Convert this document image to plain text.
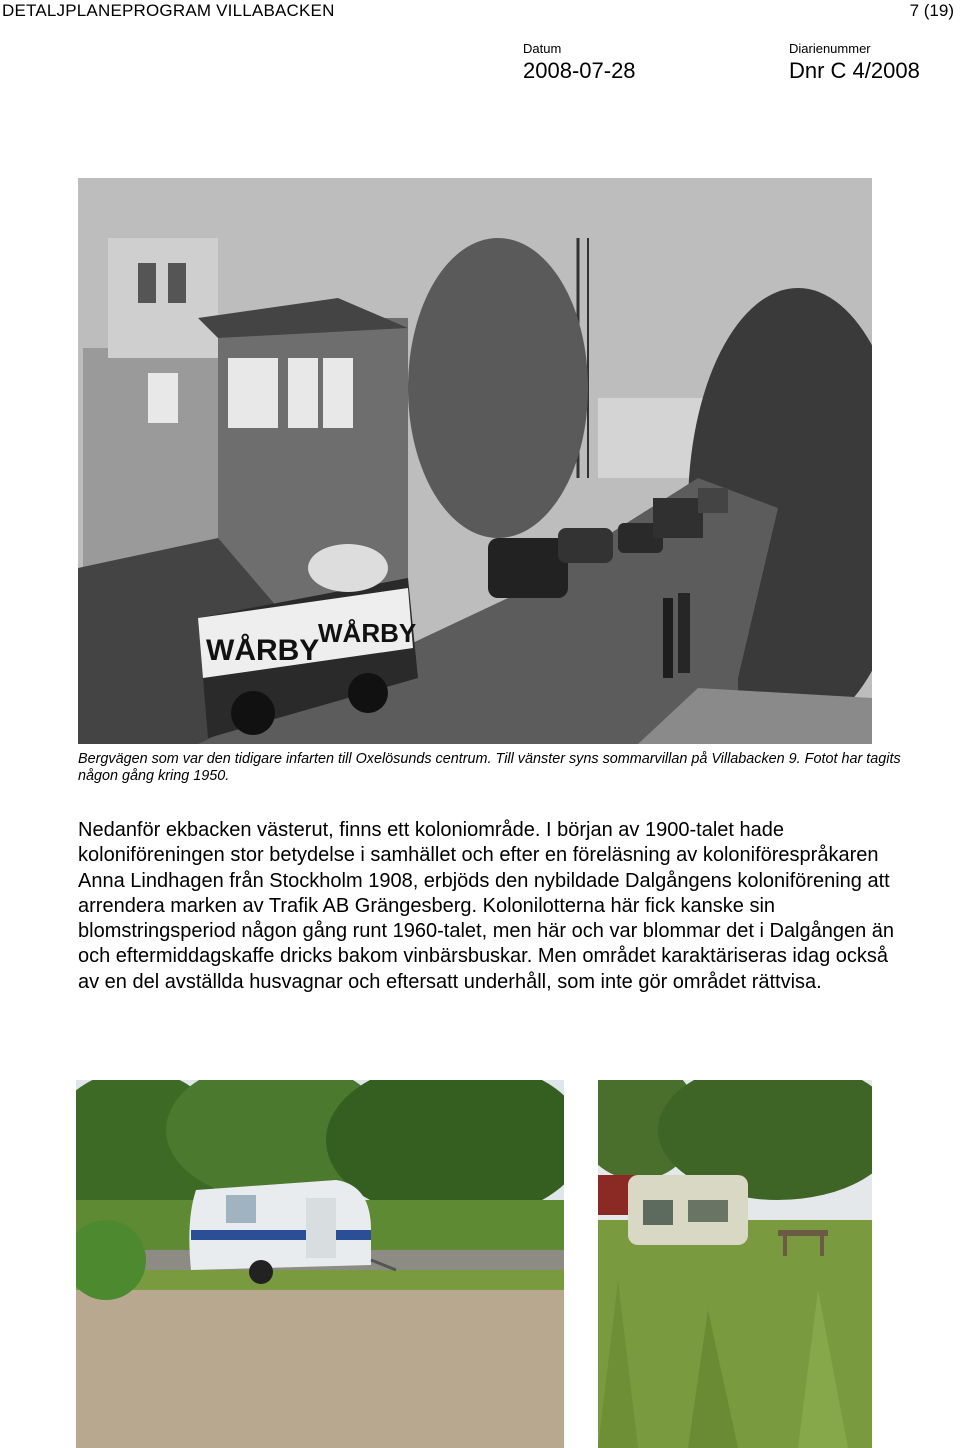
DETALJPLANEPROGRAM VILLABACKEN	7 (19)
Datum
2008-07-28
Diarienummer
Dnr C 4/2008
WÅRBY
WÅRBY

Bergvägen som var den tidigare infarten till Oxelösunds centrum. Till vänster syns sommarvillan på Villabacken 9. Fotot har tagits någon gång kring 1950.

Nedanför ekbacken västerut, finns ett koloniområde. I början av 1900-talet hade koloniföreningen stor betydelse i samhället och efter en föreläsning av koloniförespråkaren Anna Lindhagen från Stockholm 1908, erbjöds den nybildade Dalgångens koloniförening att arrendera marken av Trafik AB Grängesberg. Kolonilotterna här fick kanske sin blomstringsperiod någon gång runt 1960-talet, men här och var blommar det i Dalgången än och eftermiddagskaffe dricks bakom vinbärsbuskar. Men området karaktäriseras idag också av en del avställda husvagnar och eftersatt underhåll, som inte gör området rättvisa.
